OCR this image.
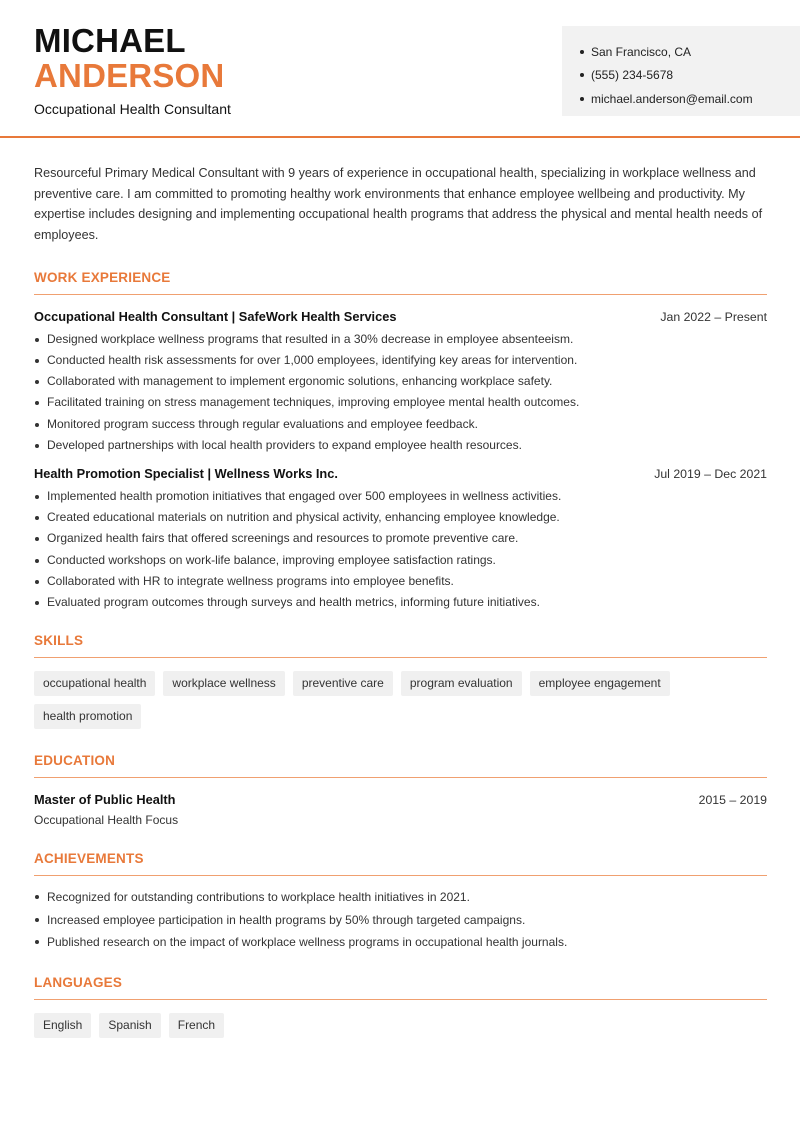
MICHAEL
ANDERSON
Occupational Health Consultant
San Francisco, CA
(555) 234-5678
michael.anderson@email.com

Resourceful Primary Medical Consultant with 9 years of experience in occupational health, specializing in workplace wellness and preventive care. I am committed to promoting healthy work environments that enhance employee wellbeing and productivity. My expertise includes designing and implementing occupational health programs that address the physical and mental health needs of employees.

WORK EXPERIENCE
Occupational Health Consultant | SafeWork Health Services	Jan 2022 – Present
Designed workplace wellness programs that resulted in a 30% decrease in employee absenteeism.
Conducted health risk assessments for over 1,000 employees, identifying key areas for intervention.
Collaborated with management to implement ergonomic solutions, enhancing workplace safety.
Facilitated training on stress management techniques, improving employee mental health outcomes.
Monitored program success through regular evaluations and employee feedback.
Developed partnerships with local health providers to expand employee health resources.
Health Promotion Specialist | Wellness Works Inc.	Jul 2019 – Dec 2021
Implemented health promotion initiatives that engaged over 500 employees in wellness activities.
Created educational materials on nutrition and physical activity, enhancing employee knowledge.
Organized health fairs that offered screenings and resources to promote preventive care.
Conducted workshops on work-life balance, improving employee satisfaction ratings.
Collaborated with HR to integrate wellness programs into employee benefits.
Evaluated program outcomes through surveys and health metrics, informing future initiatives.
SKILLS
occupational health	workplace wellness	preventive care	program evaluation	employee engagement
health promotion
EDUCATION
Master of Public Health	2015 – 2019
Occupational Health Focus
ACHIEVEMENTS
Recognized for outstanding contributions to workplace health initiatives in 2021.
Increased employee participation in health programs by 50% through targeted campaigns.
Published research on the impact of workplace wellness programs in occupational health journals.
LANGUAGES
English	Spanish	French
